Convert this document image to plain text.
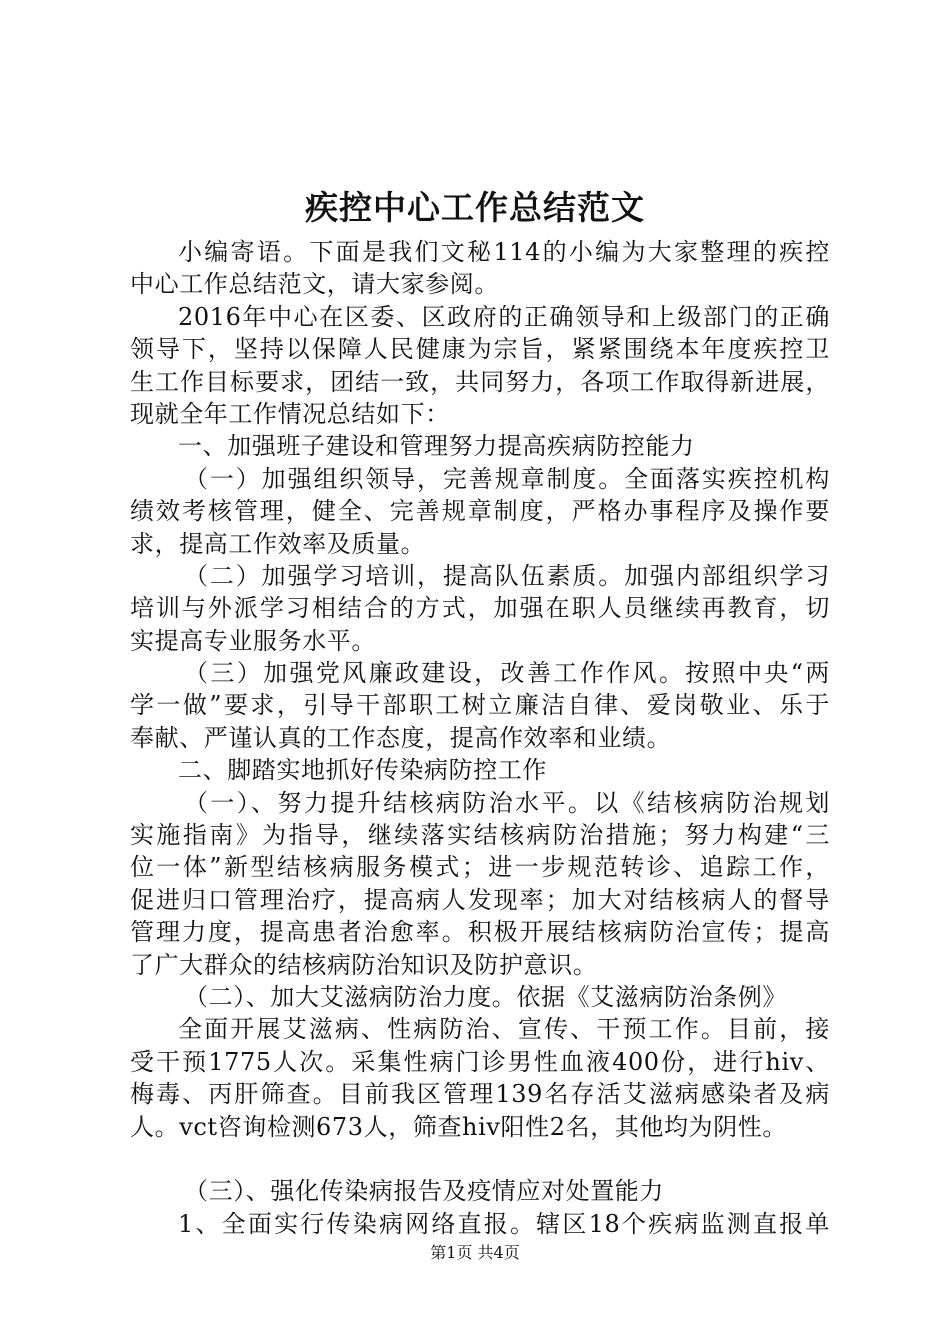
疾控中心工作总结范文
小编寄语。下面是我们文秘114的小编为大家整理的疾控
中心工作总结范文，请大家参阅。
2016年中心在区委、区政府的正确领导和上级部门的正确
领导下，坚持以保障人民健康为宗旨，紧紧围绕本年度疾控卫
生工作目标要求，团结一致，共同努力，各项工作取得新进展，
现就全年工作情况总结如下：
一、加强班子建设和管理努力提高疾病防控能力
（一）加强组织领导，完善规章制度。全面落实疾控机构
绩效考核管理，健全、完善规章制度，严格办事程序及操作要
求，提高工作效率及质量。
（二）加强学习培训，提高队伍素质。加强内部组织学习
培训与外派学习相结合的方式，加强在职人员继续再教育，切
实提高专业服务水平。
（三）加强党风廉政建设，改善工作作风。按照中央“两
学一做”要求，引导干部职工树立廉洁自律、爱岗敬业、乐于
奉献、严谨认真的工作态度，提高作效率和业绩。
二、脚踏实地抓好传染病防控工作
（一）、努力提升结核病防治水平。以《结核病防治规划
实施指南》为指导，继续落实结核病防治措施；努力构建“三
位一体”新型结核病服务模式；进一步规范转诊、追踪工作，
促进归口管理治疗，提高病人发现率；加大对结核病人的督导
管理力度，提高患者治愈率。积极开展结核病防治宣传；提高
了广大群众的结核病防治知识及防护意识。
（二）、加大艾滋病防治力度。依据《艾滋病防治条例》
全面开展艾滋病、性病防治、宣传、干预工作。目前，接
受干预1775人次。采集性病门诊男性血液400份，进行hiv、
梅毒、丙肝筛查。目前我区管理139名存活艾滋病感染者及病
人。vct咨询检测673人，筛查hiv阳性2名，其他均为阴性。
（三）、强化传染病报告及疫情应对处置能力
1、全面实行传染病网络直报。辖区18个疾病监测直报单
第1页 共4页
